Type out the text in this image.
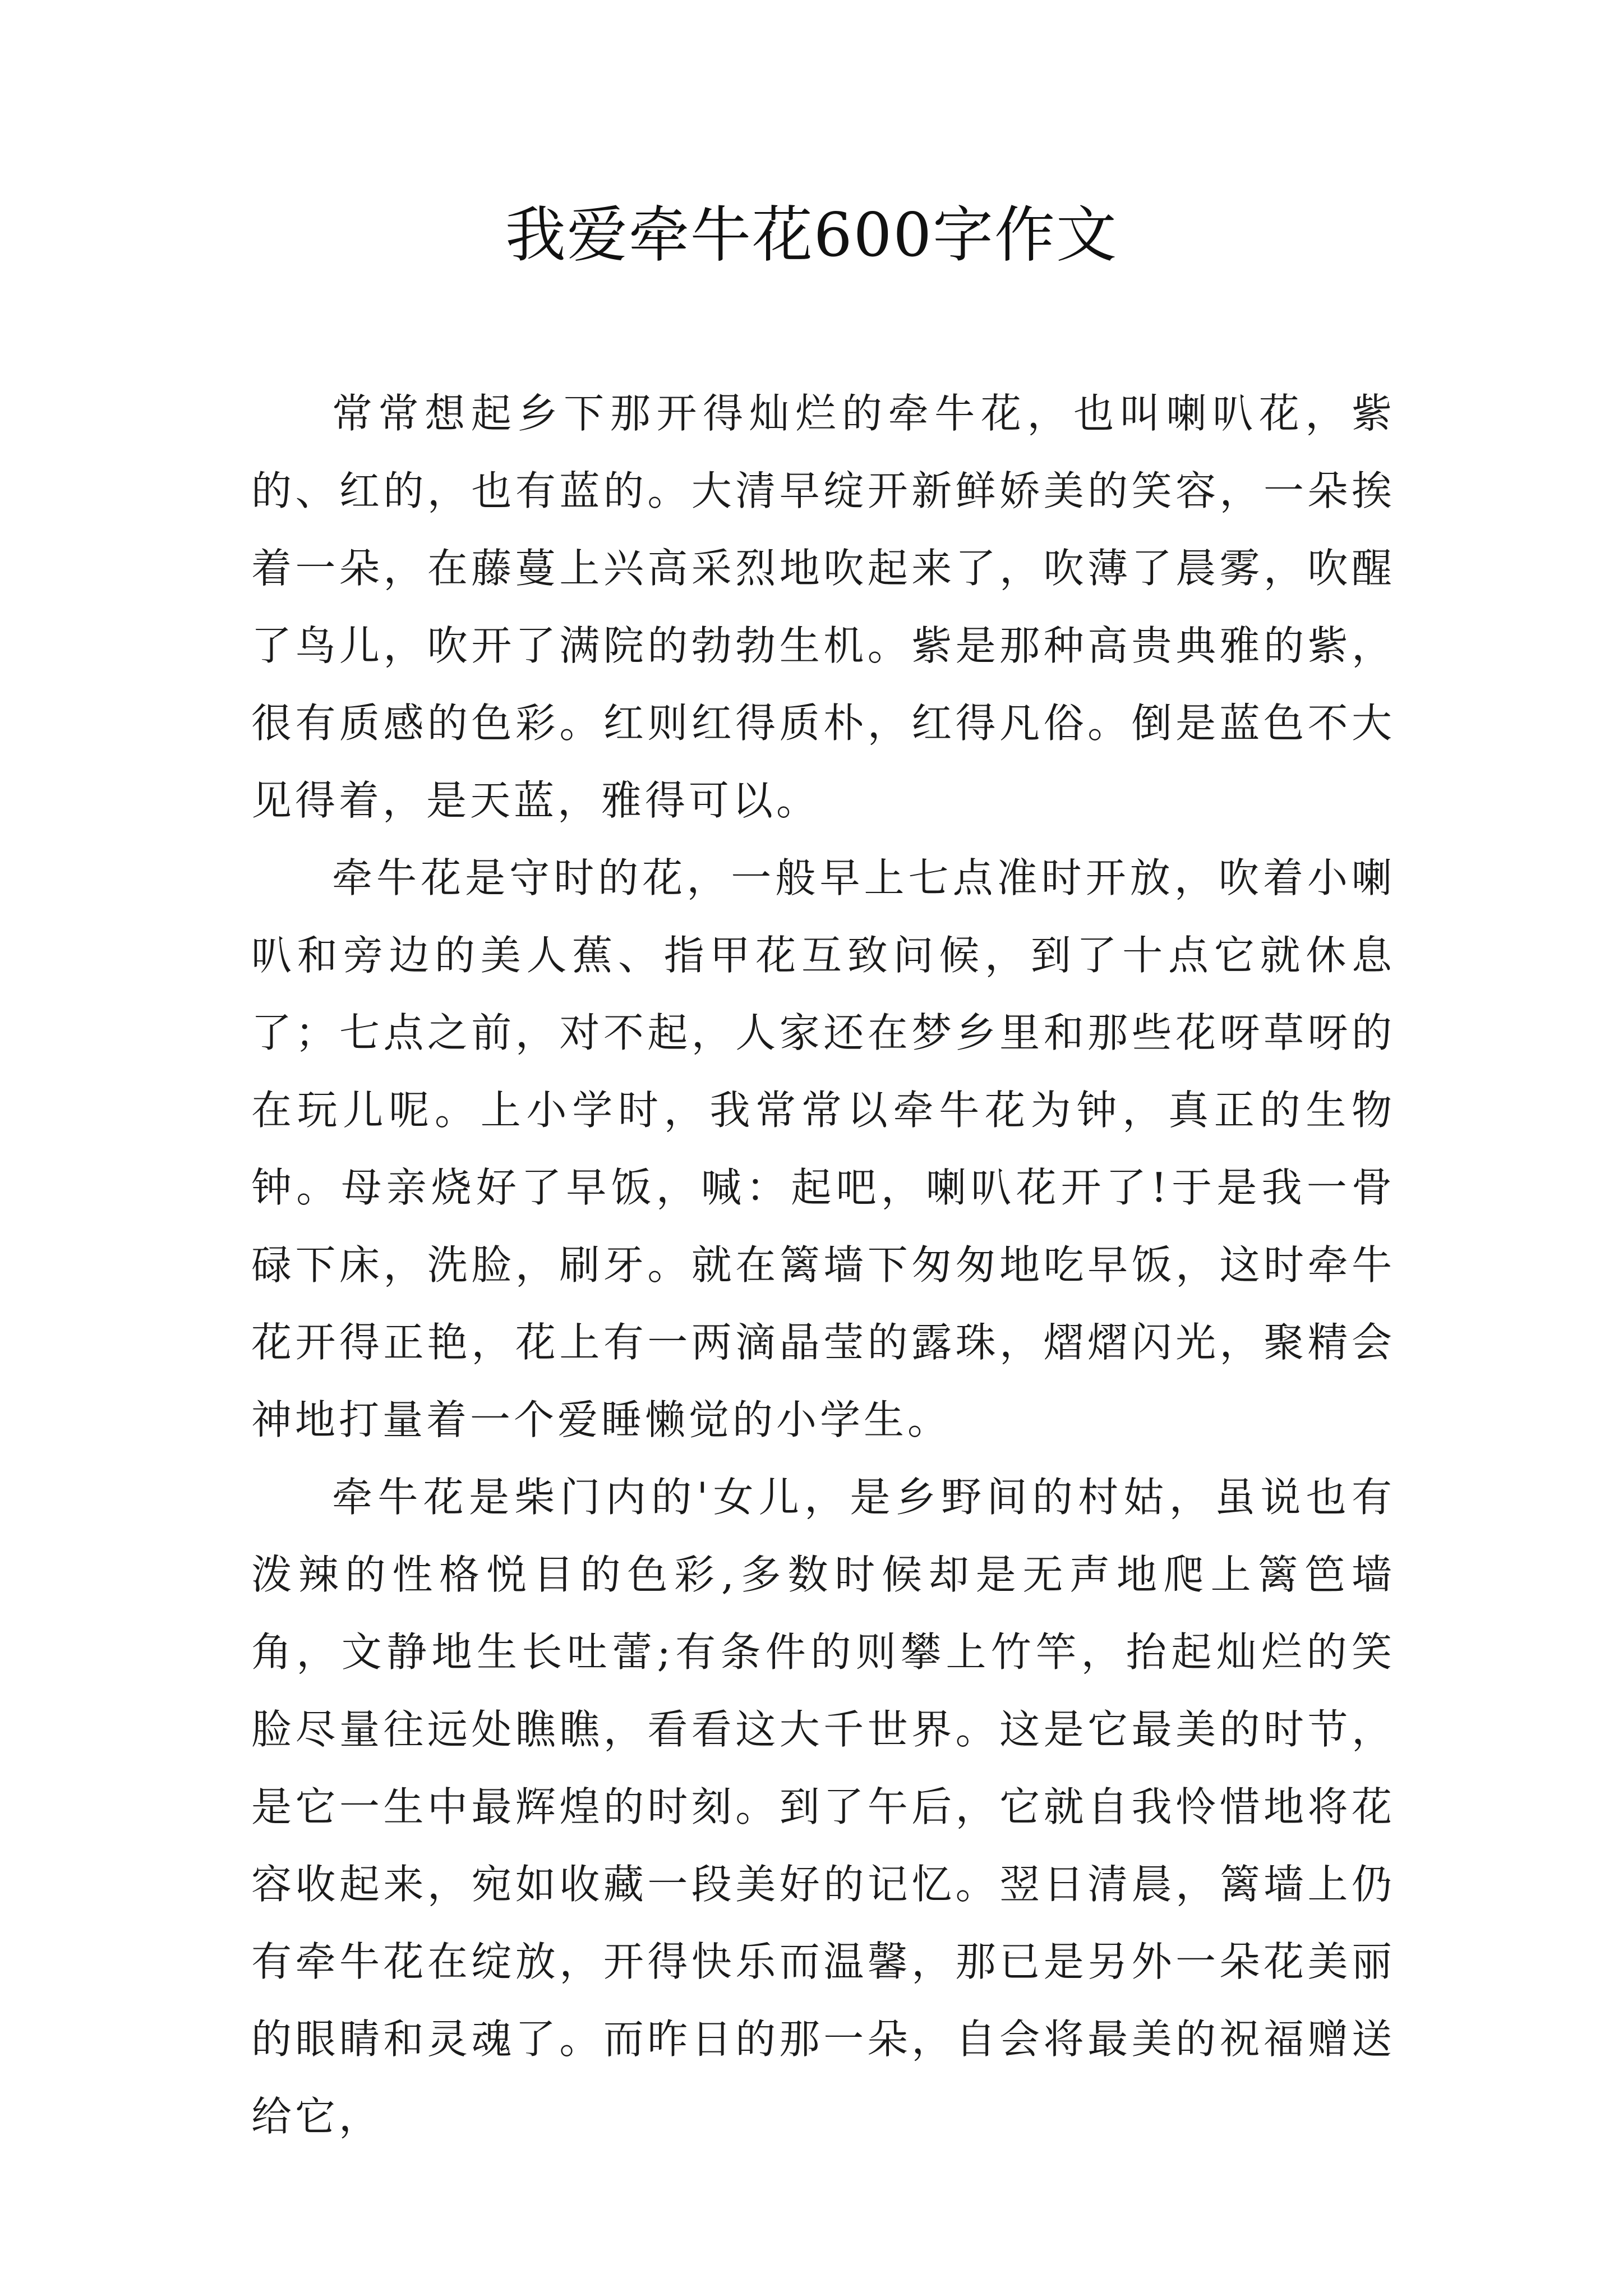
我爱牵牛花600字作文

常常想起乡下那开得灿烂的牵牛花，也叫喇叭花，紫的、红的，也有蓝的。大清早绽开新鲜娇美的笑容，一朵挨着一朵，在藤蔓上兴高采烈地吹起来了，吹薄了晨雾，吹醒了鸟儿，吹开了满院的勃勃生机。紫是那种高贵典雅的紫，很有质感的色彩。红则红得质朴，红得凡俗。倒是蓝色不大见得着，是天蓝，雅得可以。

牵牛花是守时的花，一般早上七点准时开放，吹着小喇叭和旁边的美人蕉、指甲花互致问候，到了十点它就休息了；七点之前，对不起，人家还在梦乡里和那些花呀草呀的在玩儿呢。上小学时，我常常以牵牛花为钟，真正的生物钟。母亲烧好了早饭，喊：起吧，喇叭花开了!于是我一骨碌下床，洗脸，刷牙。就在篱墙下匆匆地吃早饭，这时牵牛花开得正艳，花上有一两滴晶莹的露珠，熠熠闪光，聚精会神地打量着一个爱睡懒觉的小学生。

牵牛花是柴门内的'女儿，是乡野间的村姑，虽说也有泼辣的性格悦目的色彩,多数时候却是无声地爬上篱笆墙角，文静地生长吐蕾;有条件的则攀上竹竿，抬起灿烂的笑脸尽量往远处瞧瞧，看看这大千世界。这是它最美的时节，是它一生中最辉煌的时刻。到了午后，它就自我怜惜地将花容收起来，宛如收藏一段美好的记忆。翌日清晨，篱墙上仍有牵牛花在绽放，开得快乐而温馨，那已是另外一朵花美丽的眼睛和灵魂了。而昨日的那一朵，自会将最美的祝福赠送给它，
